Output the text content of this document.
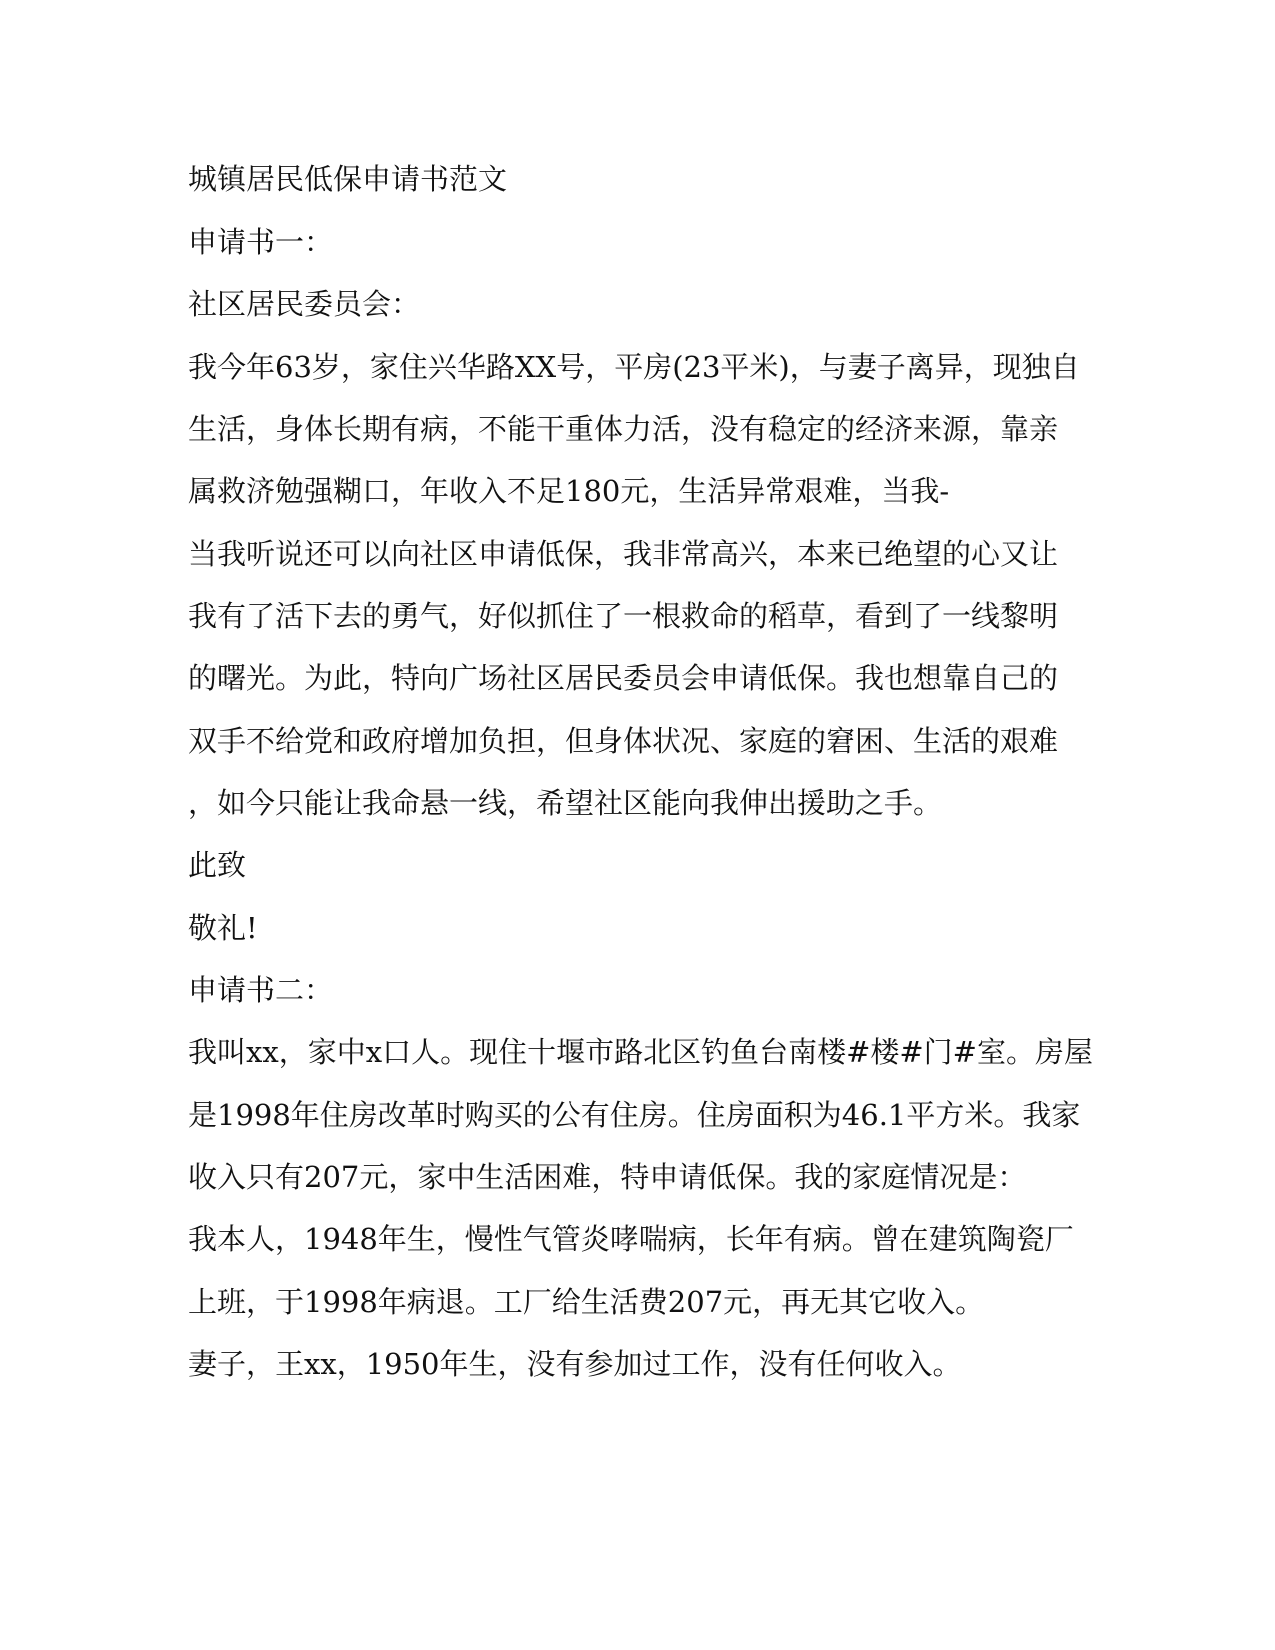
城镇居民低保申请书范文

申请书一：

社区居民委员会：

我今年63岁，家住兴华路XX号，平房(23平米)，与妻子离异，现独自

生活，身体长期有病，不能干重体力活，没有稳定的经济来源，靠亲

属救济勉强糊口，年收入不足180元，生活异常艰难，当我-

当我听说还可以向社区申请低保，我非常高兴，本来已绝望的心又让

我有了活下去的勇气，好似抓住了一根救命的稻草，看到了一线黎明

的曙光。为此，特向广场社区居民委员会申请低保。我也想靠自己的

双手不给党和政府增加负担，但身体状况、家庭的窘困、生活的艰难

，如今只能让我命悬一线，希望社区能向我伸出援助之手。

此致

敬礼!

申请书二：

我叫xx，家中x口人。现住十堰市路北区钓鱼台南楼#楼#门#室。房屋

是1998年住房改革时购买的公有住房。住房面积为46.1平方米。我家

收入只有207元，家中生活困难，特申请低保。我的家庭情况是：

我本人，1948年生，慢性气管炎哮喘病，长年有病。曾在建筑陶瓷厂

上班，于1998年病退。工厂给生活费207元，再无其它收入。

妻子，王xx，1950年生，没有参加过工作，没有任何收入。
